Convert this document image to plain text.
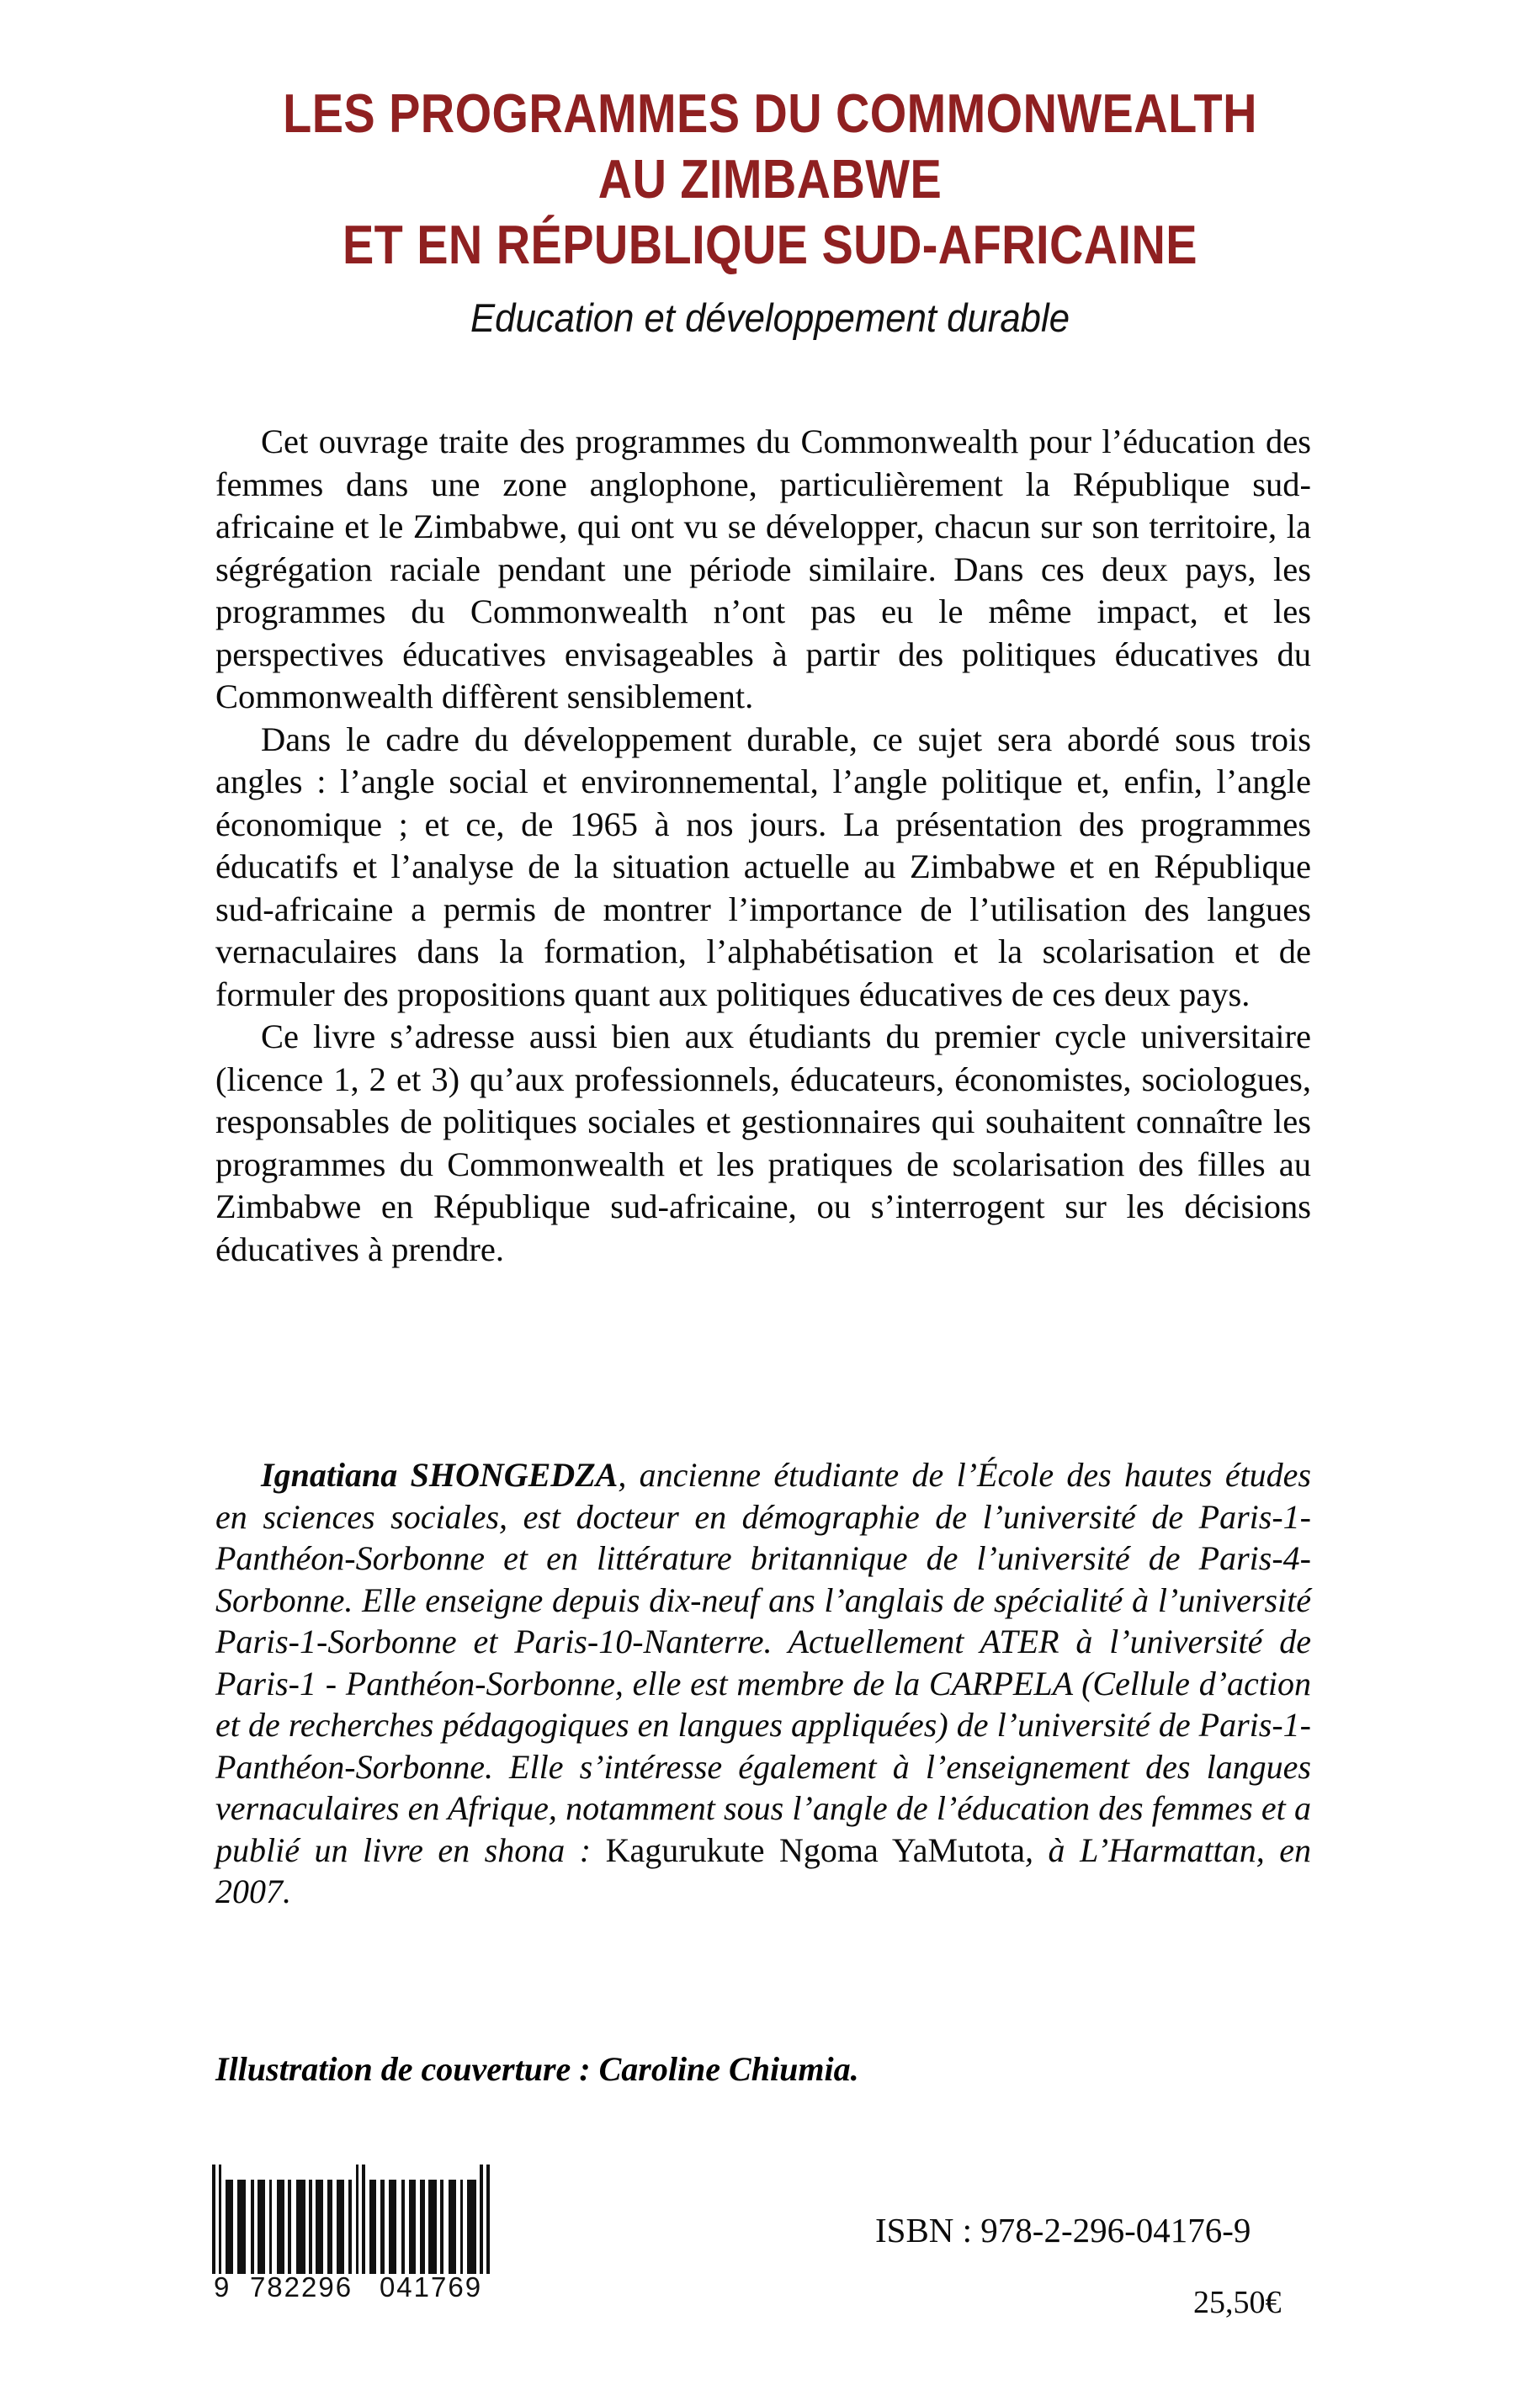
LES PROGRAMMES DU COMMONWEALTH
AU ZIMBABWE
ET EN RÉPUBLIQUE SUD-AFRICAINE
Education et développement durable

Cet ouvrage traite des programmes du Commonwealth pour l’éducation des femmes dans une zone anglophone, particulièrement la République sud-africaine et le Zimbabwe, qui ont vu se développer, chacun sur son territoire, la ségrégation raciale pendant une période similaire. Dans ces deux pays, les programmes du Commonwealth n’ont pas eu le même impact, et les perspectives éducatives envisageables à partir des politiques éducatives du Commonwealth diffèrent sensiblement.

Dans le cadre du développement durable, ce sujet sera abordé sous trois angles : l’angle social et environnemental, l’angle politique et, enfin, l’angle économique ; et ce, de 1965 à nos jours. La présentation des programmes éducatifs et l’analyse de la situation actuelle au Zimbabwe et en République sud-africaine a permis de montrer l’importance de l’utilisation des langues vernaculaires dans la formation, l’alphabétisation et la scolarisation et de formuler des propositions quant aux politiques éducatives de ces deux pays.

Ce livre s’adresse aussi bien aux étudiants du premier cycle universitaire (licence 1, 2 et 3) qu’aux professionnels, éducateurs, économistes, sociologues, responsables de politiques sociales et gestionnaires qui souhaitent connaître les programmes du Commonwealth et les pratiques de scolarisation des filles au Zimbabwe en République sud-africaine, ou s’interrogent sur les décisions éducatives à prendre.

Ignatiana SHONGEDZA, ancienne étudiante de l’École des hautes études en sciences sociales, est docteur en démographie de l’université de Paris-1-Panthéon-Sorbonne et en littérature britannique de l’université de Paris-4-Sorbonne. Elle enseigne depuis dix-neuf ans l’anglais de spécialité à l’université Paris-1-Sorbonne et Paris-10-Nanterre. Actuellement ATER à l’université de Paris-1 - Panthéon-Sorbonne, elle est membre de la CARPELA (Cellule d’action et de recherches pédagogiques en langues appliquées) de l’université de Paris-1-Panthéon-Sorbonne. Elle s’intéresse également à l’enseignement des langues vernaculaires en Afrique, notamment sous l’angle de l’éducation des femmes et a publié un livre en shona : Kagurukute Ngoma YaMutota, à L’Harmattan, en 2007.

Illustration de couverture : Caroline Chiumia.
9 782296 041769
ISBN : 978-2-296-04176-9
25,50€
